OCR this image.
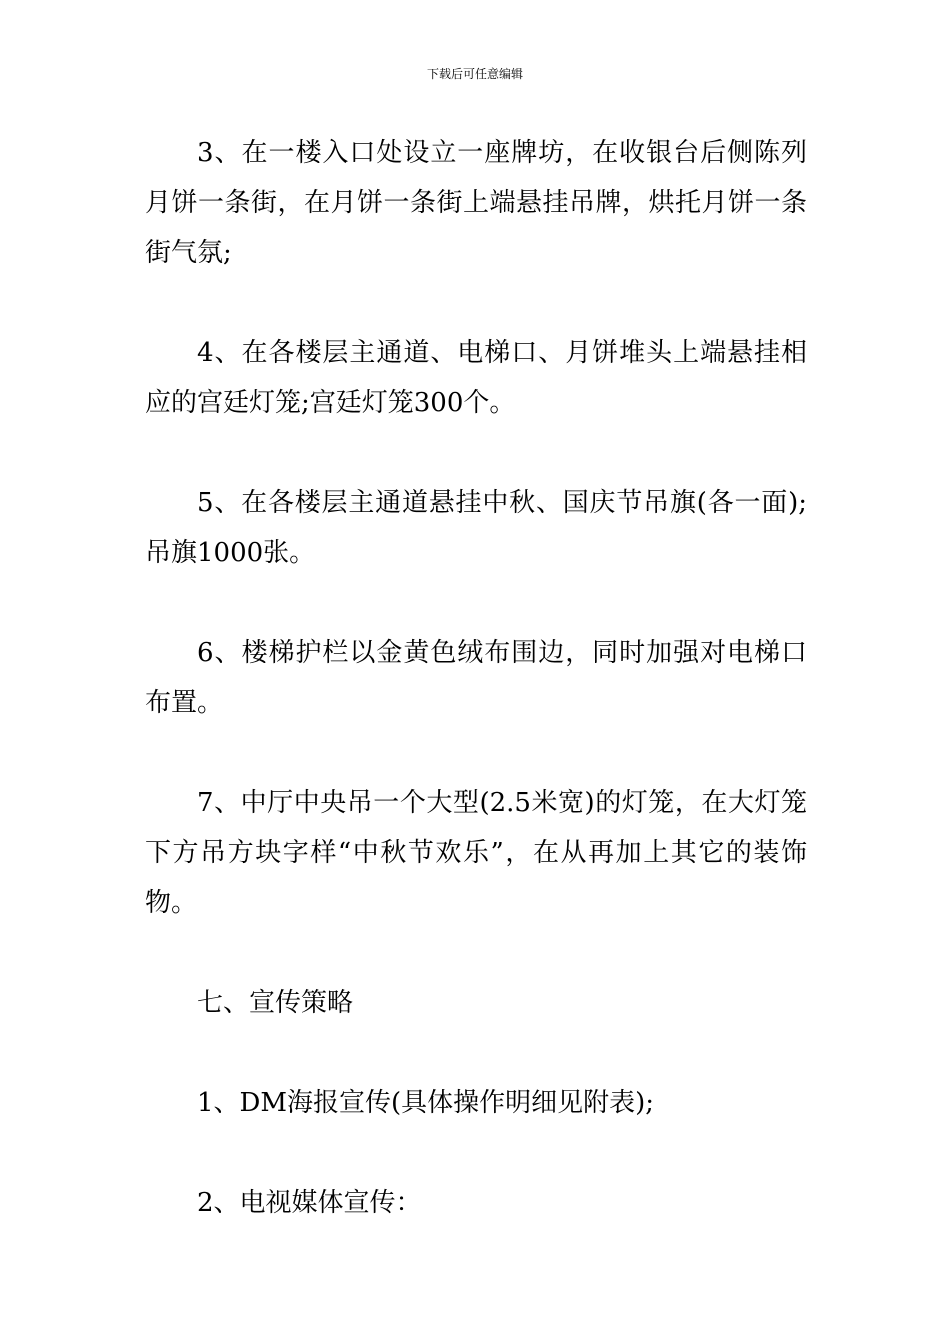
下载后可任意编辑

3、在一楼入口处设立一座牌坊，在收银台后侧陈列月饼一条街，在月饼一条街上端悬挂吊牌，烘托月饼一条街气氛;

4、在各楼层主通道、电梯口、月饼堆头上端悬挂相应的宫廷灯笼;宫廷灯笼300个。

5、在各楼层主通道悬挂中秋、国庆节吊旗(各一面);吊旗1000张。

6、楼梯护栏以金黄色绒布围边，同时加强对电梯口布置。

7、中厅中央吊一个大型(2.5米宽)的灯笼，在大灯笼下方吊方块字样“中秋节欢乐”，在从再加上其它的装饰物。

七、宣传策略

1、DM海报宣传(具体操作明细见附表);

2、电视媒体宣传：
